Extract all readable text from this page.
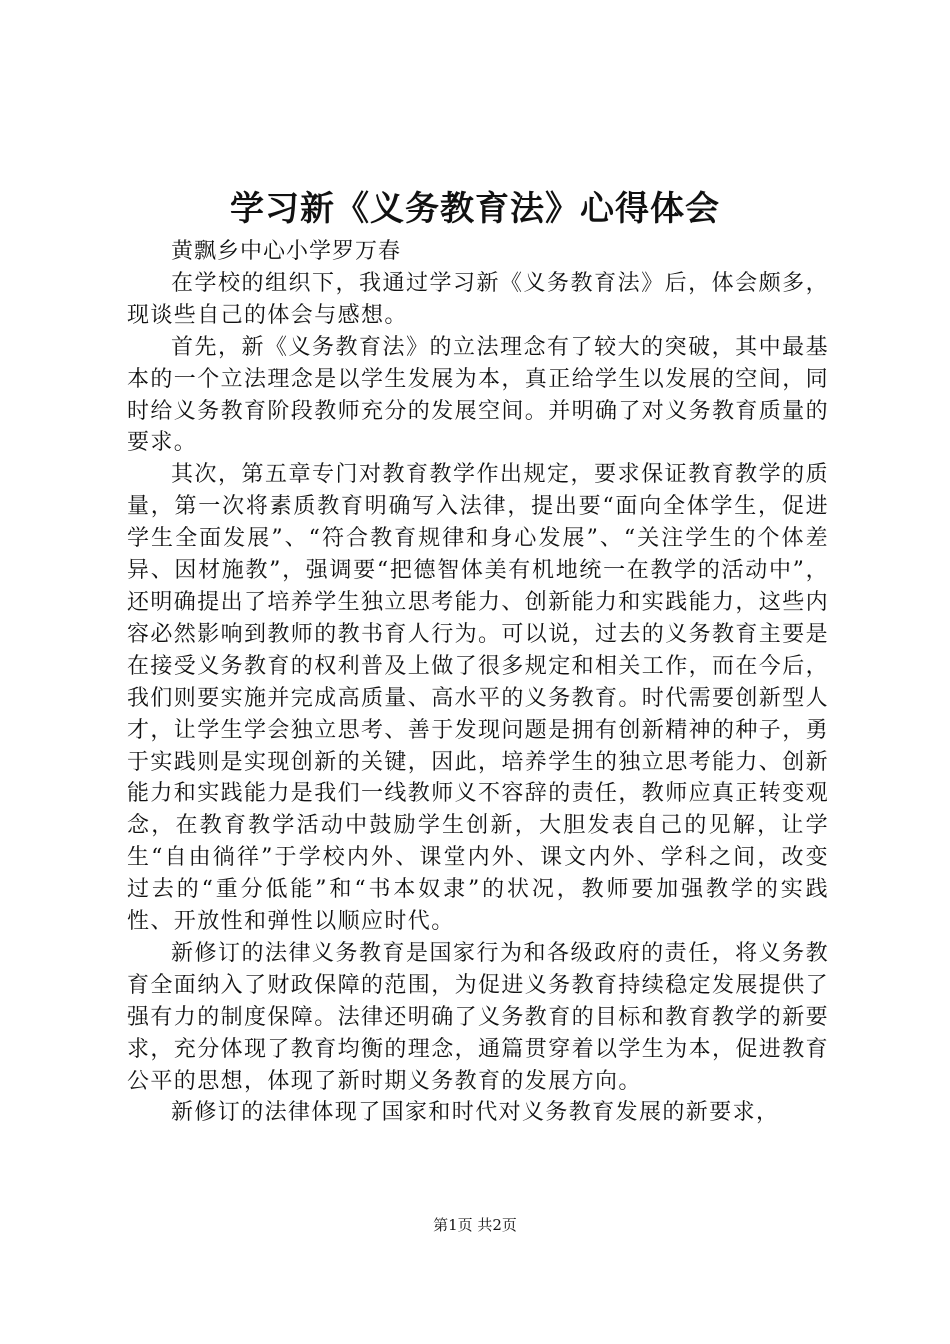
学习新《义务教育法》心得体会

黄飘乡中心小学罗万春

在学校的组织下，我通过学习新《义务教育法》后，体会颇多，现谈些自己的体会与感想。

首先，新《义务教育法》的立法理念有了较大的突破，其中最基本的一个立法理念是以学生发展为本，真正给学生以发展的空间，同时给义务教育阶段教师充分的发展空间。并明确了对义务教育质量的要求。

其次，第五章专门对教育教学作出规定，要求保证教育教学的质量，第一次将素质教育明确写入法律，提出要“面向全体学生，促进学生全面发展”、“符合教育规律和身心发展”、“关注学生的个体差异、因材施教”，强调要“把德智体美有机地统一在教学的活动中”，还明确提出了培养学生独立思考能力、创新能力和实践能力，这些内容必然影响到教师的教书育人行为。可以说，过去的义务教育主要是在接受义务教育的权利普及上做了很多规定和相关工作，而在今后，我们则要实施并完成高质量、高水平的义务教育。时代需要创新型人才，让学生学会独立思考、善于发现问题是拥有创新精神的种子，勇于实践则是实现创新的关键，因此，培养学生的独立思考能力、创新能力和实践能力是我们一线教师义不容辞的责任，教师应真正转变观念，在教育教学活动中鼓励学生创新，大胆发表自己的见解，让学生“自由徜徉”于学校内外、课堂内外、课文内外、学科之间，改变过去的“重分低能”和“书本奴隶”的状况，教师要加强教学的实践性、开放性和弹性以顺应时代。

新修订的法律义务教育是国家行为和各级政府的责任，将义务教育全面纳入了财政保障的范围，为促进义务教育持续稳定发展提供了强有力的制度保障。法律还明确了义务教育的目标和教育教学的新要求，充分体现了教育均衡的理念，通篇贯穿着以学生为本，促进教育公平的思想，体现了新时期义务教育的发展方向。

新修订的法律体现了国家和时代对义务教育发展的新要求，

第1页 共2页
